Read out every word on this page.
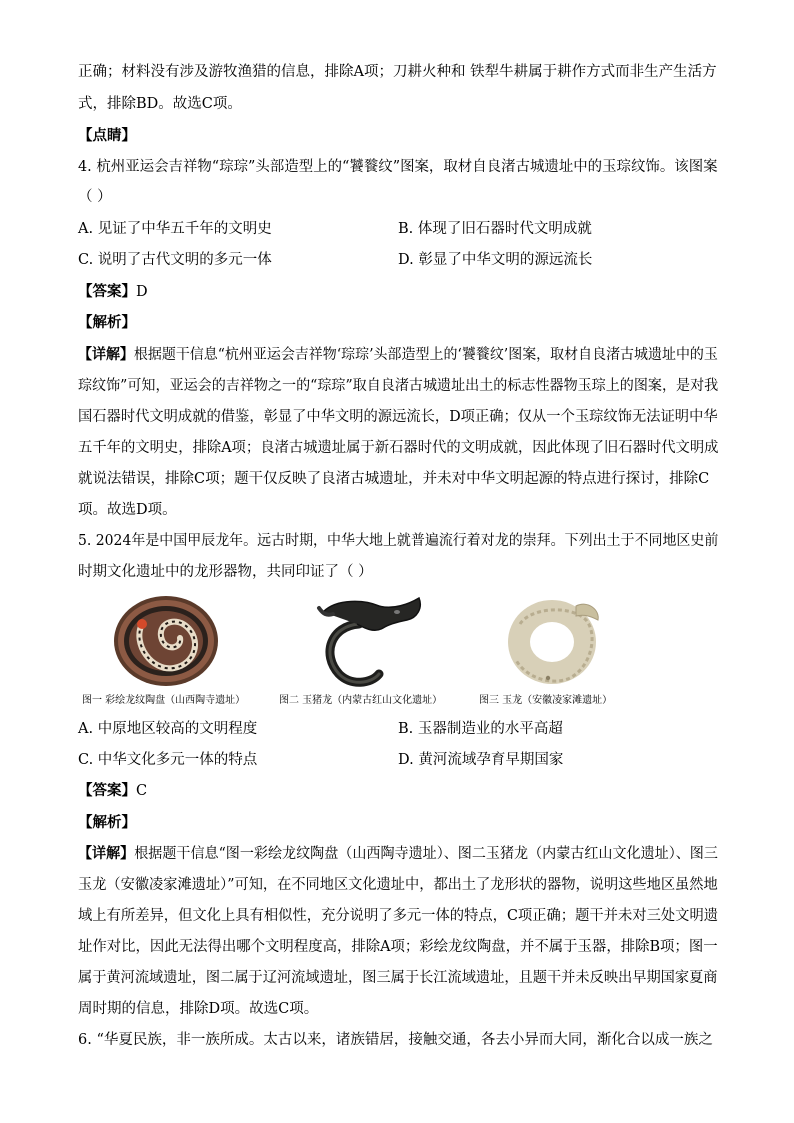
正确；材料没有涉及游牧渔猎的信息，排除A项；刀耕火种和 铁犁牛耕属于耕作方式而非生产生活方
式，排除BD。故选C项。
【点睛】
4. 杭州亚运会吉祥物“琮琮”头部造型上的“饕餮纹”图案，取材自良渚古城遗址中的玉琮纹饰。该图案
（ ）
A. 见证了中华五千年的文明史	B. 体现了旧石器时代文明成就
C. 说明了古代文明的多元一体	D. 彰显了中华文明的源远流长
【答案】D
【解析】
【详解】根据题干信息“杭州亚运会吉祥物‘琮琮’头部造型上的‘饕餮纹’图案，取材自良渚古城遗址中的玉
琮纹饰”可知，亚运会的吉祥物之一的“琮琮”取自良渚古城遗址出土的标志性器物玉琮上的图案，是对我
国石器时代文明成就的借鉴，彰显了中华文明的源远流长，D项正确；仅从一个玉琮纹饰无法证明中华
五千年的文明史，排除A项；良渚古城遗址属于新石器时代的文明成就，因此体现了旧石器时代文明成
就说法错误，排除C项；题干仅反映了良渚古城遗址，并未对中华文明起源的特点进行探讨，排除C
项。故选D项。
5. 2024年是中国甲辰龙年。远古时期，中华大地上就普遍流行着对龙的崇拜。下列出土于不同地区史前
时期文化遗址中的龙形器物，共同印证了（ ）
图一 彩绘龙纹陶盘（山西陶寺遗址）	图二 玉猪龙（内蒙古红山文化遗址）	图三 玉龙（安徽凌家滩遗址）
A. 中原地区较高的文明程度	B. 玉器制造业的水平高超
C. 中华文化多元一体的特点	D. 黄河流域孕育早期国家
【答案】C
【解析】
【详解】根据题干信息“图一彩绘龙纹陶盘（山西陶寺遗址）、图二玉猪龙（内蒙古红山文化遗址）、图三
玉龙（安徽凌家滩遗址）”可知，在不同地区文化遗址中，都出土了龙形状的器物，说明这些地区虽然地
域上有所差异，但文化上具有相似性，充分说明了多元一体的特点，C项正确；题干并未对三处文明遗
址作对比，因此无法得出哪个文明程度高，排除A项；彩绘龙纹陶盘，并不属于玉器，排除B项；图一
属于黄河流域遗址，图二属于辽河流域遗址，图三属于长江流域遗址，且题干并未反映出早期国家夏商
周时期的信息，排除D项。故选C项。
6. “华夏民族，非一族所成。太古以来，诸族错居，接触交通，各去小异而大同，渐化合以成一族之
